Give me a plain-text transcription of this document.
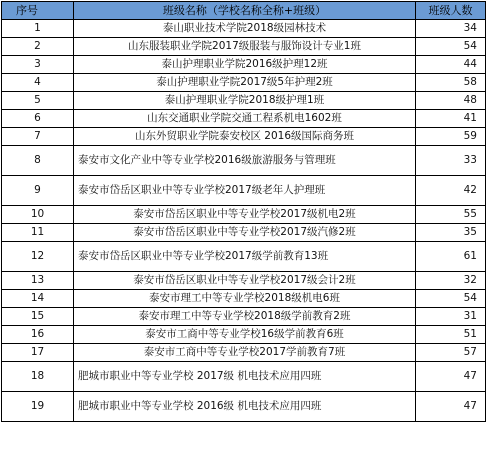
序号	班级名称（学校名称全称+班级）	班级人数
1	泰山职业技术学院2018级园林技术	34
2	山东服装职业学院2017级服装与服饰设计专业1班	54
3	泰山护理职业学院2016级护理12班	44
4	泰山护理职业学院2017级5年护理2班	58
5	泰山护理职业学院2018级护理1班	48
6	山东交通职业学院交通工程系机电1602班	41
7	山东外贸职业学院泰安校区 2016级国际商务班	59
8	泰安市文化产业中等专业学校2016级旅游服务与管理班	33
9	泰安市岱岳区职业中等专业学校2017级老年人护理班	42
10	泰安市岱岳区职业中等专业学校2017级机电2班	55
11	泰安市岱岳区职业中等专业学校2017级汽修2班	35
12	泰安市岱岳区职业中等专业学校2017级学前教育13班	61
13	泰安市岱岳区职业中等专业学校2017级会计2班	32
14	泰安市理工中等专业学校2018级机电6班	54
15	泰安市理工中等专业学校2018级学前教育2班	31
16	泰安市工商中等专业学校16级学前教育6班	51
17	泰安市工商中等专业学校2017学前教育7班	57
18	肥城市职业中等专业学校 2017级 机电技术应用四班	47
19	肥城市职业中等专业学校 2016级 机电技术应用四班	47
